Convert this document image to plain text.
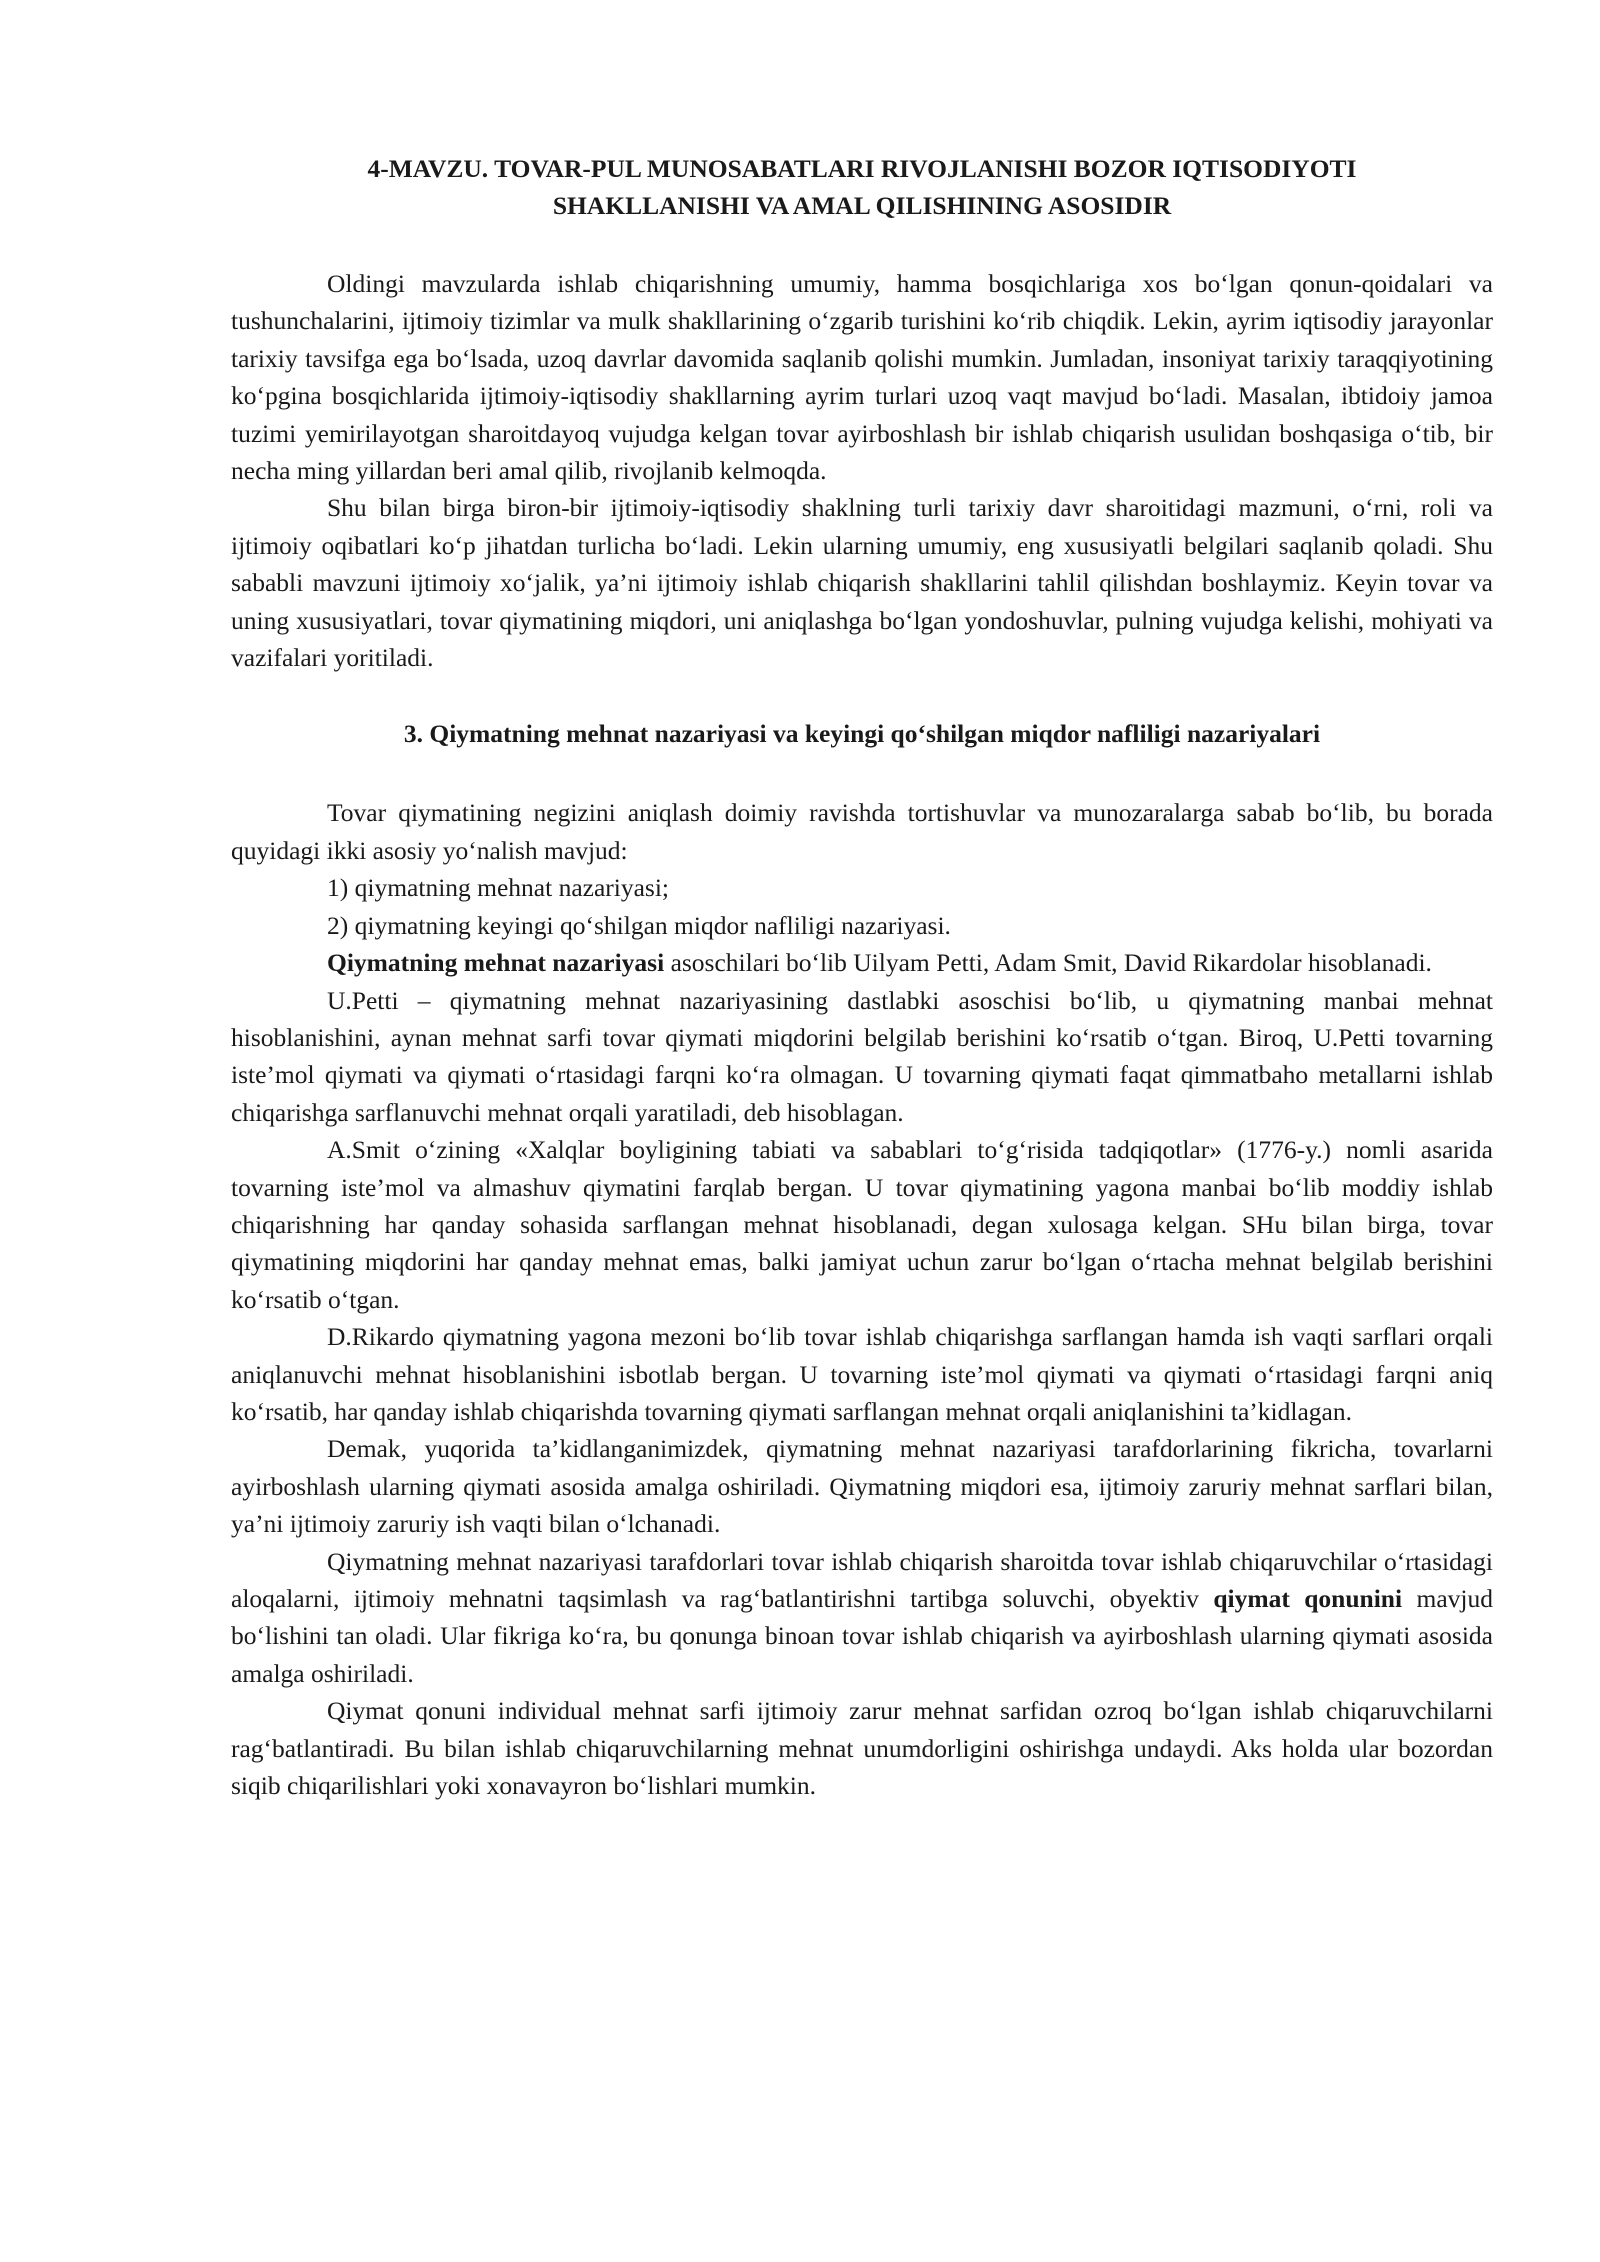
4-MAVZU. TOVAR-PUL MUNOSABATLARI RIVOJLANISHI BOZOR IQTISODIYOTI
SHAKLLANISHI VA AMAL QILISHINING ASOSIDIR

Oldingi mavzularda ishlab chiqarishning umumiy, hamma bosqichlariga xos bo‘lgan qonun-qoidalari va tushunchalarini, ijtimoiy tizimlar va mulk shakllarining o‘zgarib turishini ko‘rib chiqdik. Lekin, ayrim iqtisodiy jarayonlar tarixiy tavsifga ega bo‘lsada, uzoq davrlar davomida saqlanib qolishi mumkin. Jumladan, insoniyat tarixiy taraqqiyotining ko‘pgina bosqichlarida ijtimoiy-iqtisodiy shakllarning ayrim turlari uzoq vaqt mavjud bo‘ladi. Masalan, ibtidoiy jamoa tuzimi yemirilayotgan sharoitdayoq vujudga kelgan tovar ayirboshlash bir ishlab chiqarish usulidan boshqasiga o‘tib, bir necha ming yillardan beri amal qilib, rivojlanib kelmoqda.

Shu bilan birga biron-bir ijtimoiy-iqtisodiy shaklning turli tarixiy davr sharoitidagi mazmuni, o‘rni, roli va ijtimoiy oqibatlari ko‘p jihatdan turlicha bo‘ladi. Lekin ularning umumiy, eng xususiyatli belgilari saqlanib qoladi. Shu sababli mavzuni ijtimoiy xo‘jalik, ya’ni ijtimoiy ishlab chiqarish shakllarini tahlil qilishdan boshlaymiz. Keyin tovar va uning xususiyatlari, tovar qiymatining miqdori, uni aniqlashga bo‘lgan yondoshuvlar, pulning vujudga kelishi, mohiyati va vazifalari yoritiladi.

3. Qiymatning mehnat nazariyasi va keyingi qo‘shilgan miqdor nafliligi nazariyalari

Tovar qiymatining negizini aniqlash doimiy ravishda tortishuvlar va munozaralarga sabab bo‘lib, bu borada quyidagi ikki asosiy yo‘nalish mavjud:

1) qiymatning mehnat nazariyasi;

2) qiymatning keyingi qo‘shilgan miqdor nafliligi nazariyasi.

Qiymatning mehnat nazariyasi asoschilari bo‘lib Uilyam Petti, Adam Smit, David Rikardolar hisoblanadi.

U.Petti – qiymatning mehnat nazariyasining dastlabki asoschisi bo‘lib, u qiymatning manbai mehnat hisoblanishini, aynan mehnat sarfi tovar qiymati miqdorini belgilab berishini ko‘rsatib o‘tgan. Biroq, U.Petti tovarning iste’mol qiymati va qiymati o‘rtasidagi farqni ko‘ra olmagan. U tovarning qiymati faqat qimmatbaho metallarni ishlab chiqarishga sarflanuvchi mehnat orqali yaratiladi, deb hisoblagan.

A.Smit o‘zining «Xalqlar boyligining tabiati va sabablari to‘g‘risida tadqiqotlar» (1776-y.) nomli asarida tovarning iste’mol va almashuv qiymatini farqlab bergan. U tovar qiymatining yagona manbai bo‘lib moddiy ishlab chiqarishning har qanday sohasida sarflangan mehnat hisoblanadi, degan xulosaga kelgan. SHu bilan birga, tovar qiymatining miqdorini har qanday mehnat emas, balki jamiyat uchun zarur bo‘lgan o‘rtacha mehnat belgilab berishini ko‘rsatib o‘tgan.

D.Rikardo qiymatning yagona mezoni bo‘lib tovar ishlab chiqarishga sarflangan hamda ish vaqti sarflari orqali aniqlanuvchi mehnat hisoblanishini isbotlab bergan. U tovarning iste’mol qiymati va qiymati o‘rtasidagi farqni aniq ko‘rsatib, har qanday ishlab chiqarishda tovarning qiymati sarflangan mehnat orqali aniqlanishini ta’kidlagan.

Demak, yuqorida ta’kidlanganimizdek, qiymatning mehnat nazariyasi tarafdorlarining fikricha, tovarlarni ayirboshlash ularning qiymati asosida amalga oshiriladi. Qiymatning miqdori esa, ijtimoiy zaruriy mehnat sarflari bilan, ya’ni ijtimoiy zaruriy ish vaqti bilan o‘lchanadi.

Qiymatning mehnat nazariyasi tarafdorlari tovar ishlab chiqarish sharoitda tovar ishlab chiqaruvchilar o‘rtasidagi aloqalarni, ijtimoiy mehnatni taqsimlash va rag‘batlantirishni tartibga soluvchi, obyektiv qiymat qonunini mavjud bo‘lishini tan oladi. Ular fikriga ko‘ra, bu qonunga binoan tovar ishlab chiqarish va ayirboshlash ularning qiymati asosida amalga oshiriladi.

Qiymat qonuni individual mehnat sarfi ijtimoiy zarur mehnat sarfidan ozroq bo‘lgan ishlab chiqaruvchilarni rag‘batlantiradi. Bu bilan ishlab chiqaruvchilarning mehnat unumdorligini oshirishga undaydi. Aks holda ular bozordan siqib chiqarilishlari yoki xonavayron bo‘lishlari mumkin.
